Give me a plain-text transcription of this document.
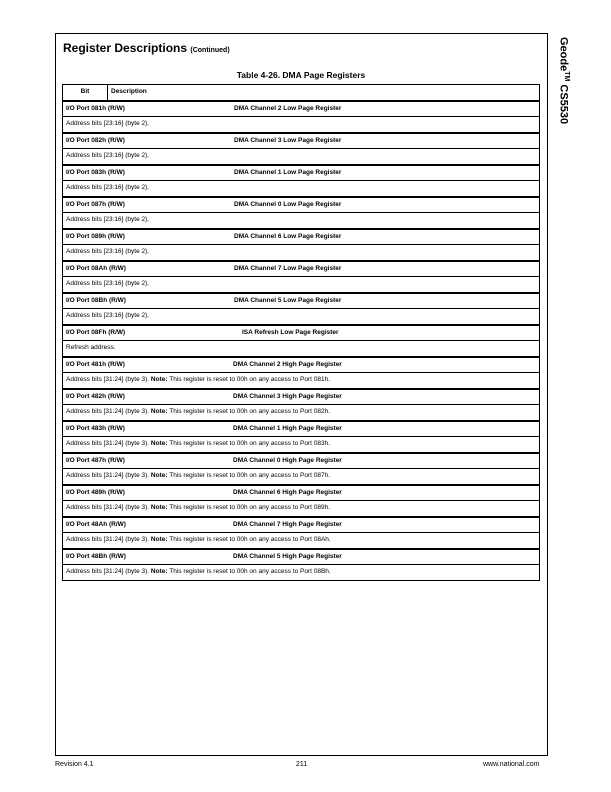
Register Descriptions (Continued)	Geode™ CS5530
Table 4-26. DMA Page Registers
Bit	Description

I/O Port 081h (R/W)	DMA Channel 2 Low Page Register

Address bits [23:16] (byte 2).

I/O Port 082h (R/W)	DMA Channel 3 Low Page Register

Address bits [23:16] (byte 2).

I/O Port 083h (R/W)	DMA Channel 1 Low Page Register

Address bits [23:16] (byte 2).

I/O Port 087h (R/W)	DMA Channel 0 Low Page Register

Address bits [23:16] (byte 2).

I/O Port 089h (R/W)	DMA Channel 6 Low Page Register

Address bits [23:16] (byte 2).

I/O Port 08Ah (R/W)	DMA Channel 7 Low Page Register

Address bits [23:16] (byte 2).

I/O Port 08Bh (R/W)	DMA Channel 5 Low Page Register

Address bits [23:16] (byte 2).

I/O Port 08Fh (R/W)	ISA Refresh Low Page Register

Refresh address.

I/O Port 481h (R/W)	DMA Channel 2 High Page Register

Address bits [31:24] (byte 3). Note: This register is reset to 00h on any access to Port 081h.

I/O Port 482h (R/W)	DMA Channel 3 High Page Register

Address bits [31:24] (byte 3). Note: This register is reset to 00h on any access to Port 082h.

I/O Port 483h (R/W)	DMA Channel 1 High Page Register

Address bits [31:24] (byte 3). Note: This register is reset to 00h on any access to Port 083h.

I/O Port 487h (R/W)	DMA Channel 0 High Page Register

Address bits [31:24] (byte 3). Note: This register is reset to 00h on any access to Port 087h.

I/O Port 489h (R/W)	DMA Channel 6 High Page Register

Address bits [31:24] (byte 3). Note: This register is reset to 00h on any access to Port 089h.

I/O Port 48Ah (R/W)	DMA Channel 7 High Page Register

Address bits [31:24] (byte 3). Note: This register is reset to 00h on any access to Port 08Ah.

I/O Port 48Bh (R/W)	DMA Channel 5 High Page Register

Address bits [31:24] (byte 3). Note: This register is reset to 00h on any access to Port 08Bh.
Revision 4.1	211	www.national.com
